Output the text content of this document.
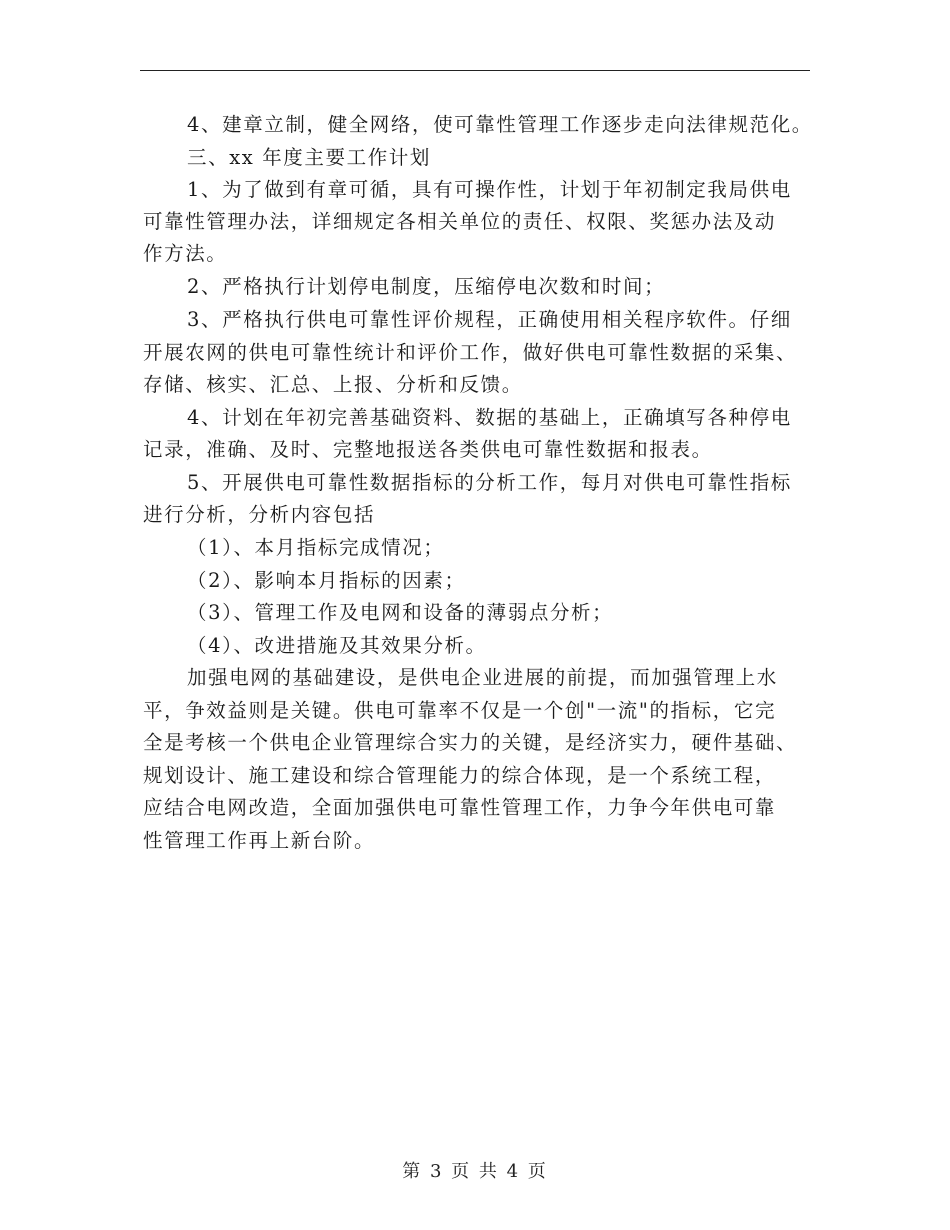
4、建章立制，健全网络，使可靠性管理工作逐步走向法律规范化。
三、xx 年度主要工作计划
1、为了做到有章可循，具有可操作性，计划于年初制定我局供电
可靠性管理办法，详细规定各相关单位的责任、权限、奖惩办法及动
作方法。
2、严格执行计划停电制度，压缩停电次数和时间；
3、严格执行供电可靠性评价规程，正确使用相关程序软件。仔细
开展农网的供电可靠性统计和评价工作，做好供电可靠性数据的采集、
存储、核实、汇总、上报、分析和反馈。
4、计划在年初完善基础资料、数据的基础上，正确填写各种停电
记录，准确、及时、完整地报送各类供电可靠性数据和报表。
5、开展供电可靠性数据指标的分析工作，每月对供电可靠性指标
进行分析，分析内容包括
（1）、本月指标完成情况；
（2）、影响本月指标的因素；
（3）、管理工作及电网和设备的薄弱点分析；
（4）、改进措施及其效果分析。
加强电网的基础建设，是供电企业进展的前提，而加强管理上水
平，争效益则是关键。供电可靠率不仅是一个创"一流"的指标，它完
全是考核一个供电企业管理综合实力的关键，是经济实力，硬件基础、
规划设计、施工建设和综合管理能力的综合体现，是一个系统工程，
应结合电网改造，全面加强供电可靠性管理工作，力争今年供电可靠
性管理工作再上新台阶。
第 3 页 共 4 页
